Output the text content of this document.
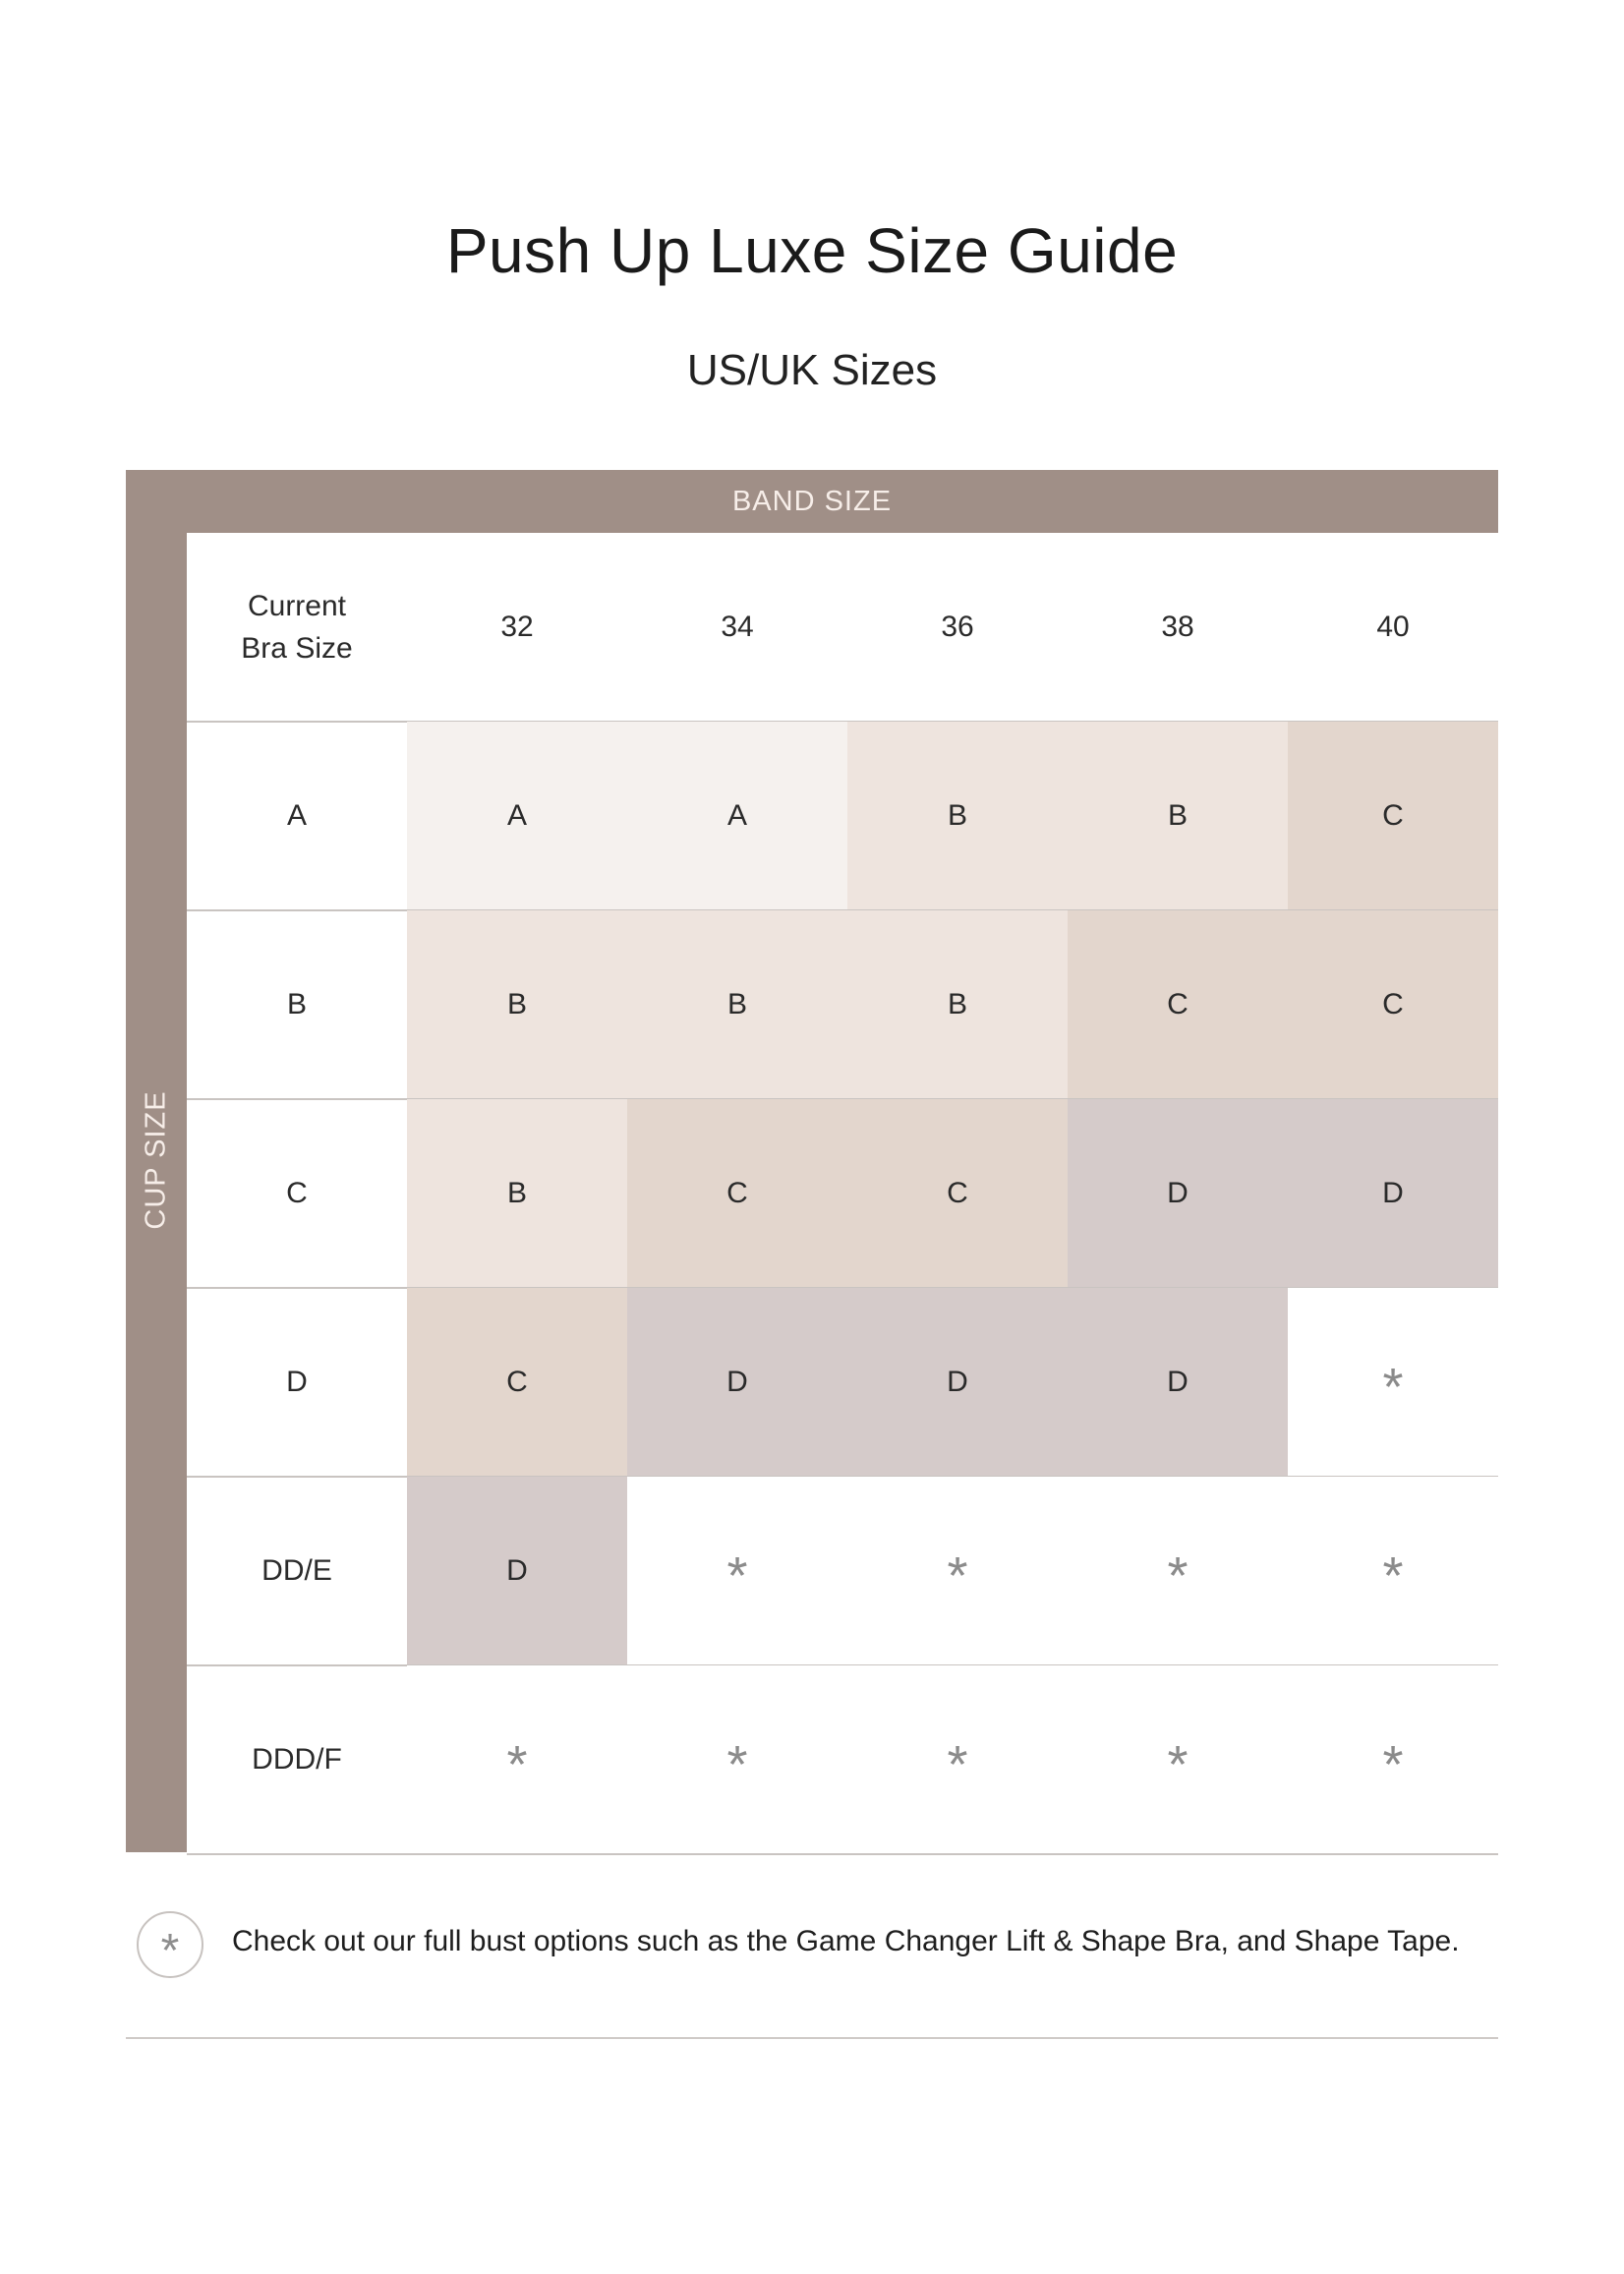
Push Up Luxe Size Guide
US/UK Sizes
BAND SIZE
CUP SIZE
Current
Bra Size
32	34	36	38	40
A	A	A	B	B	C
B	B	B	B	C	C
C	B	C	C	D	D
D	C	D	D	D	*
DD/E	D	*	*	*	*
DDD/F	*	*	*	*	*
* Check out our full bust options such as the Game Changer Lift & Shape Bra, and Shape Tape.
